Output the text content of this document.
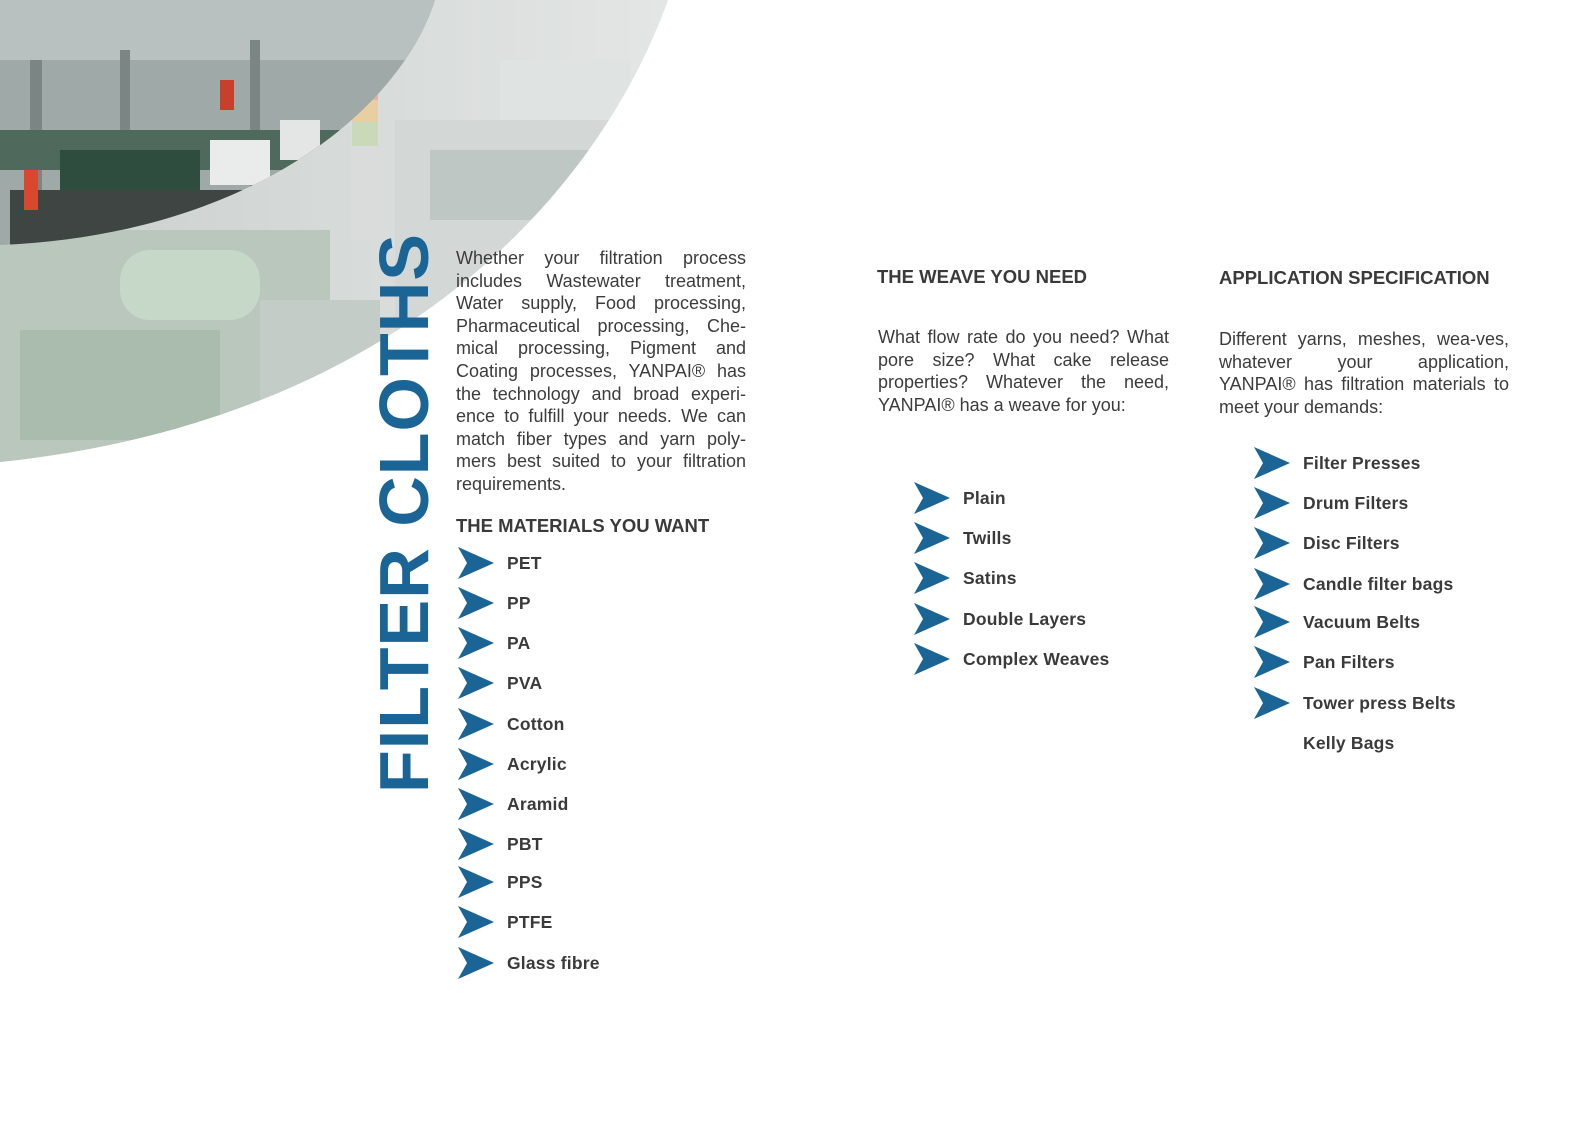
FILTER CLOTHS Whether your filtration process includes Wastewater treatment, Water supply, Food processing, Pharmaceutical processing, Che-mical processing, Pigment and Coating processes, YANPAI® has the technology and broad experi-ence to fulfill your needs. We can match fiber types and yarn poly-mers best suited to your filtration requirements.

THE MATERIALS YOU WANT
PET
PP
PA
PVA
Cotton
Acrylic
Aramid
PBT
PPS
PTFE
Glass fibre
THE WEAVE YOU NEED

What flow rate do you need? What pore size? What cake release properties? Whatever the need, YANPAI® has a weave for you:

Plain
Twills
Satins
Double Layers
Complex Weaves
APPLICATION SPECIFICATION

Different yarns, meshes, wea-ves, whatever your application, YANPAI® has filtration materials to meet your demands:

Filter Presses
Drum Filters
Disc Filters
Candle filter bags
Vacuum Belts
Pan Filters
Tower press Belts
Kelly Bags
